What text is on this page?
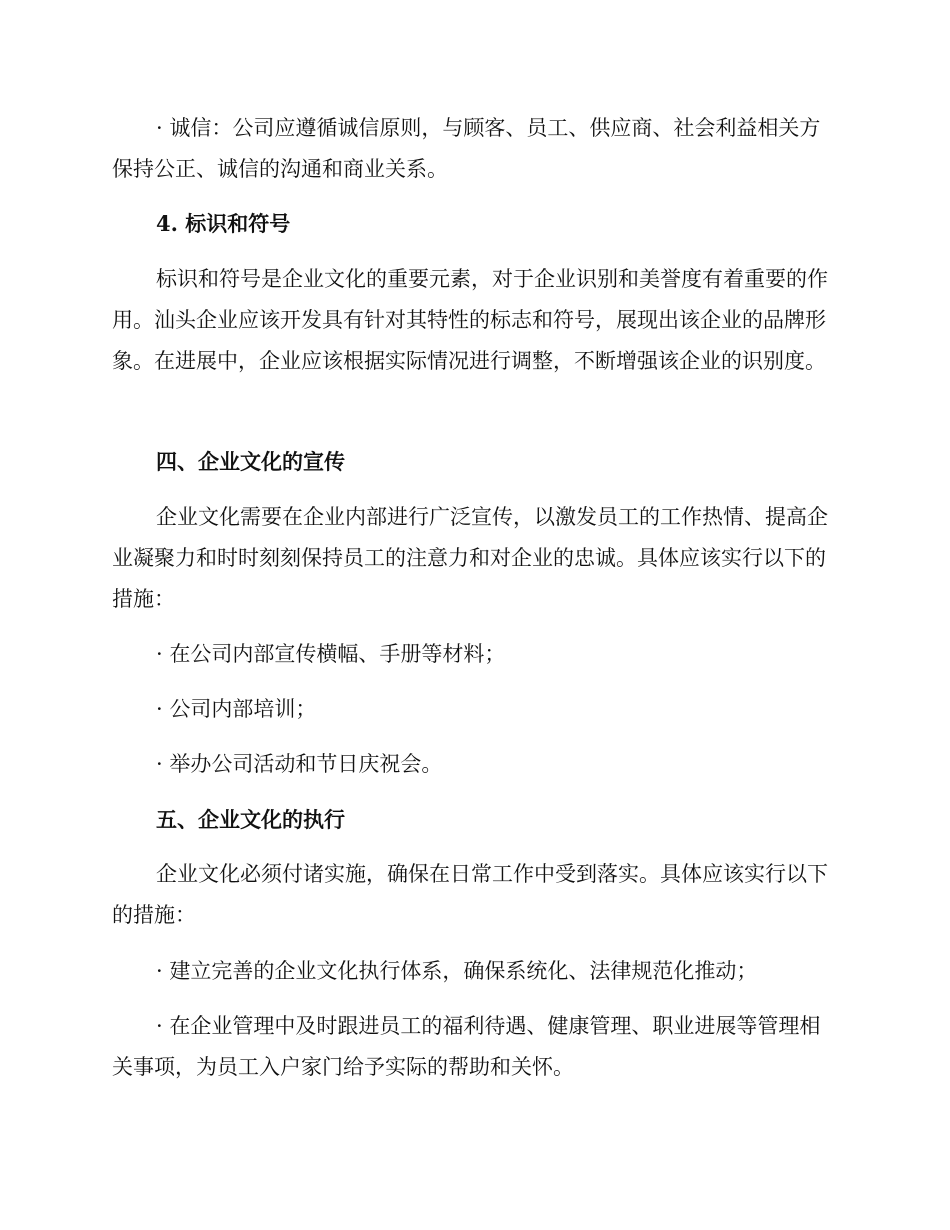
· 诚信：公司应遵循诚信原则，与顾客、员工、供应商、社会利益相关方保持公正、诚信的沟通和商业关系。

4. 标识和符号

标识和符号是企业文化的重要元素，对于企业识别和美誉度有着重要的作用。汕头企业应该开发具有针对其特性的标志和符号，展现出该企业的品牌形象。在进展中，企业应该根据实际情况进行调整，不断增强该企业的识别度。

四、企业文化的宣传

企业文化需要在企业内部进行广泛宣传，以激发员工的工作热情、提高企业凝聚力和时时刻刻保持员工的注意力和对企业的忠诚。具体应该实行以下的措施：

· 在公司内部宣传横幅、手册等材料；

· 公司内部培训；

· 举办公司活动和节日庆祝会。

五、企业文化的执行

企业文化必须付诸实施，确保在日常工作中受到落实。具体应该实行以下的措施：

· 建立完善的企业文化执行体系，确保系统化、法律规范化推动；

· 在企业管理中及时跟进员工的福利待遇、健康管理、职业进展等管理相关事项，为员工入户家门给予实际的帮助和关怀。
